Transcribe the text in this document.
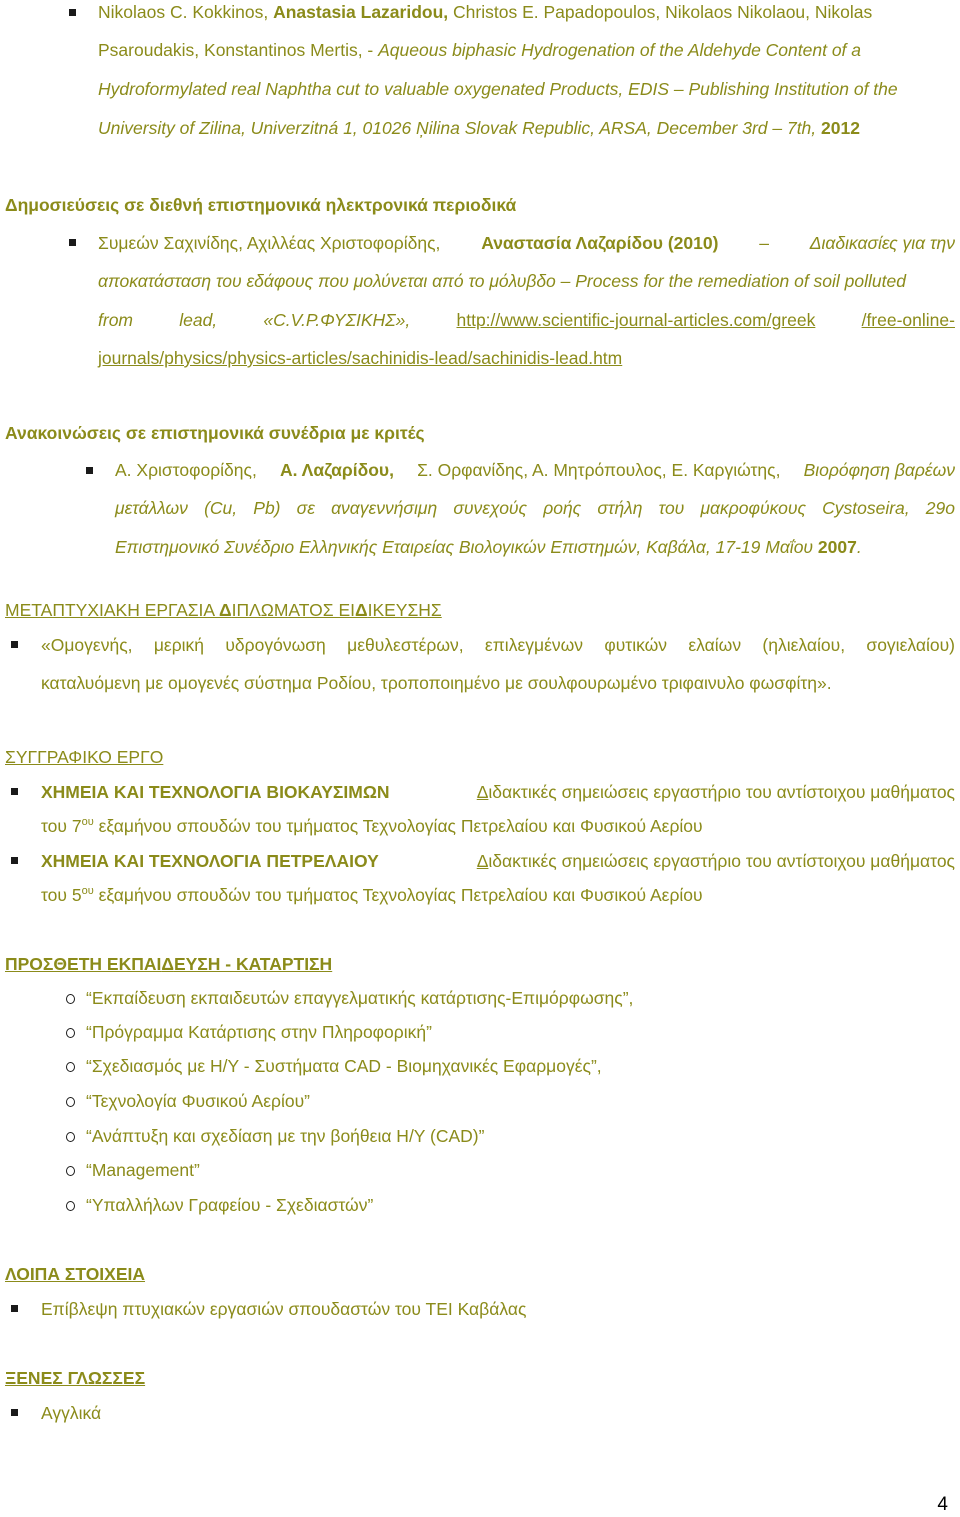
Nikolaos C. Kokkinos, Anastasia Lazaridou, Christos E. Papadopoulos, Nikolaos Nikolaou, Nikolas
Psaroudakis, Konstantinos Mertis, - Aqueous biphasic Hydrogenation of the Aldehyde Content of a
Hydroformylated real Naphtha cut to valuable oxygenated Products, EDIS – Publishing Institution of the
University of Zilina, Univerzitná 1, 01026 Ņilina Slovak Republic, ARSA, December 3rd – 7th, 2012
Δημοσιεύσεις σε διεθνή επιστημονικά ηλεκτρονικά περιοδικά
Συμεών Σαχινίδης, Αχιλλέας Χριστοφορίδης, Αναστασία Λαζαρίδου (2010) – Διαδικασίες για την
αποκατάσταση του εδάφους που μολύνεται από το μόλυβδο – Process for the remediation of soil polluted
from	lead,	«C.V.P.ΦΥΣΙΚΗΣ»,	http://www.scientific-journal-articles.com/greek	/free-online-
journals/physics/physics-articles/sachinidis-lead/sachinidis-lead.htm
Ανακοινώσεις σε επιστημονικά συνέδρια με κριτές
Α. Χριστοφορίδης, Α. Λαζαρίδου, Σ. Ορφανίδης, Α. Μητρόπουλος, Ε. Καργιώτης, Βιορόφηση βαρέων
μετάλλων (Cu, Pb) σε αναγεννήσιμη συνεχούς ροής στήλη του μακροφύκους Cystoseira, 29ο
Επιστημονικό Συνέδριο Ελληνικής Εταιρείας Βιολογικών Επιστημών, Καβάλα, 17-19 Μαΐου 2007.
ΜΕΤΑΠΤΥΧΙΑΚΗ ΕΡΓΑΣΙΑ ΔΙΠΛΩΜΑΤΟΣ ΕΙΔΙΚΕΥΣΗΣ
«Ομογενής, μερική υδρογόνωση μεθυλεστέρων, επιλεγμένων φυτικών ελαίων (ηλιελαίου, σογιελαίου)
καταλυόμενη με ομογενές σύστημα Ροδίου, τροποποιημένο με σουλφουρωμένο τριφαινυλο φωσφίτη».
ΣΥΓΓΡΑΦΙΚΟ ΕΡΓΟ
ΧΗΜΕΙΑ ΚΑΙ ΤΕΧΝΟΛΟΓΙΑ ΒΙΟΚΑΥΣΙΜΩΝ	Διδακτικές σημειώσεις εργαστήριο του αντίστοιχου μαθήματος
του $7^{o\upsilon}$ εξαμήνου σπουδών του τμήματος Τεχνολογίας Πετρελαίου και Φυσικού Αερίου
ΧΗΜΕΙΑ ΚΑΙ ΤΕΧΝΟΛΟΓΙΑ ΠΕΤΡΕΛΑΙΟΥ	Διδακτικές σημειώσεις εργαστήριο του αντίστοιχου μαθήματος
του $5^{o\upsilon}$ εξαμήνου σπουδών του τμήματος Τεχνολογίας Πετρελαίου και Φυσικού Αερίου
ΠΡΟΣΘΕΤΗ ΕΚΠΑΙΔΕΥΣΗ - ΚΑΤΑΡΤΙΣΗ
“Εκπαίδευση εκπαιδευτών επαγγελματικής κατάρτισης-Επιμόρφωσης”,
“Πρόγραμμα Κατάρτισης στην Πληροφορική”
“Σχεδιασμός με Η/Υ - Συστήματα CAD - Βιομηχανικές Εφαρμογές”,
“Τεχνολογία Φυσικού Αερίου”
“Ανάπτυξη και σχεδίαση με την βοήθεια Η/Υ (CAD)”
“Management”
“Υπαλλήλων Γραφείου - Σχεδιαστών”
ΛΟΙΠΑ ΣΤΟΙΧΕΙΑ
Επίβλεψη πτυχιακών εργασιών σπουδαστών του ΤΕΙ Καβάλας
ΞΕΝΕΣ ΓΛΩΣΣΕΣ
Αγγλικά
4
